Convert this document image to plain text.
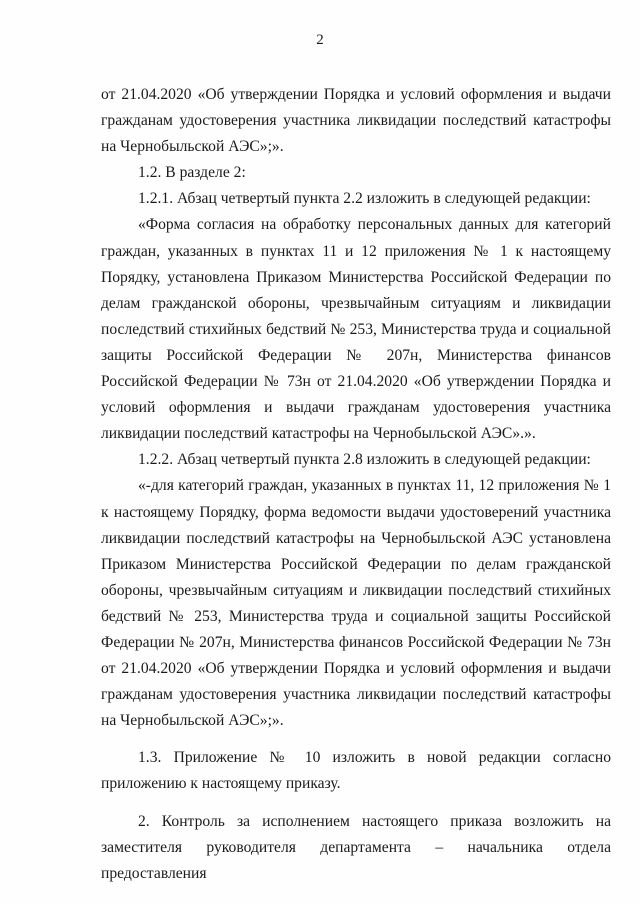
2

от 21.04.2020 «Об утверждении Порядка и условий оформления и выдачи гражданам удостоверения участника ликвидации последствий катастрофы на Чернобыльской АЭС»;».

1.2. В разделе 2:

1.2.1. Абзац четвертый пункта 2.2 изложить в следующей редакции:

«Форма согласия на обработку персональных данных для категорий граждан, указанных в пунктах 11 и 12 приложения № 1 к настоящему Порядку, установлена Приказом Министерства Российской Федерации по делам гражданской обороны, чрезвычайным ситуациям и ликвидации последствий стихийных бедствий № 253, Министерства труда и социальной защиты Российской Федерации № 207н, Министерства финансов Российской Федерации № 73н от 21.04.2020 «Об утверждении Порядка и условий оформления и выдачи гражданам удостоверения участника ликвидации последствий катастрофы на Чернобыльской АЭС».».

1.2.2. Абзац четвертый пункта 2.8 изложить в следующей редакции:

«-для категорий граждан, указанных в пунктах 11, 12 приложения № 1 к настоящему Порядку, форма ведомости выдачи удостоверений участника ликвидации последствий катастрофы на Чернобыльской АЭС установлена Приказом Министерства Российской Федерации по делам гражданской обороны, чрезвычайным ситуациям и ликвидации последствий стихийных бедствий № 253, Министерства труда и социальной защиты Российской Федерации № 207н, Министерства финансов Российской Федерации № 73н от 21.04.2020 «Об утверждении Порядка и условий оформления и выдачи гражданам удостоверения участника ликвидации последствий катастрофы на Чернобыльской АЭС»;».

1.3. Приложение № 10 изложить в новой редакции согласно приложению к настоящему приказу.

2. Контроль за исполнением настоящего приказа возложить на заместителя руководителя департамента – начальника отдела предоставления
